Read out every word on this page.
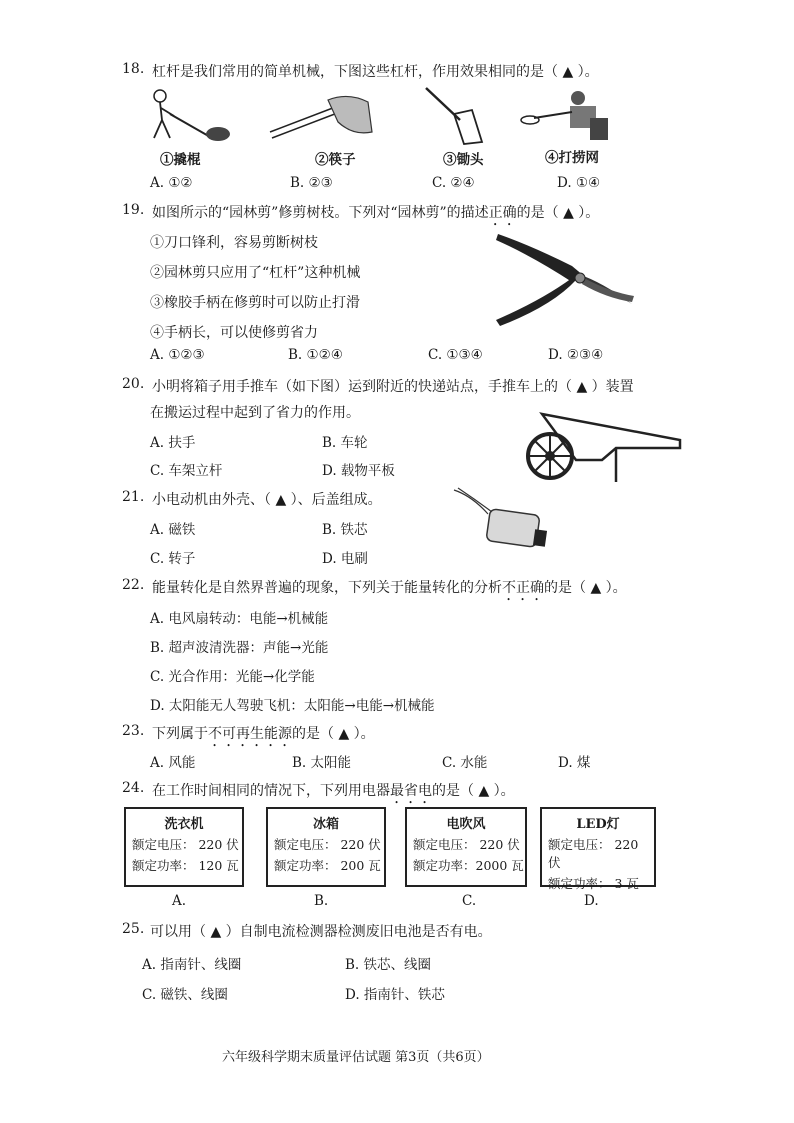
18. 杠杆是我们常用的简单机械，下图这些杠杆，作用效果相同的是（ ▲ ）。
①撬棍	②筷子	③锄头	④打捞网
A. ①②	B. ②③	C. ②④	D. ①④
19. 如图所示的“园林剪”修剪树枝。下列对“园林剪”的描述正确的是（ ▲ ）。
①刀口锋利，容易剪断树枝
②园林剪只应用了“杠杆”这种机械
③橡胶手柄在修剪时可以防止打滑
④手柄长，可以使修剪省力
A. ①②③	B. ①②④	C. ①③④	D. ②③④
20. 小明将箱子用手推车（如下图）运到附近的快递站点，手推车上的（ ▲ ）装置
在搬运过程中起到了省力的作用。
A. 扶手	B. 车轮
C. 车架立杆	D. 载物平板
21. 小电动机由外壳、（ ▲ ）、后盖组成。
A. 磁铁	B. 铁芯
C. 转子	D. 电刷
22. 能量转化是自然界普遍的现象，下列关于能量转化的分析不正确的是（ ▲ ）。
A. 电风扇转动：电能→机械能
B. 超声波清洗器：声能→光能
C. 光合作用：光能→化学能
D. 太阳能无人驾驶飞机：太阳能→电能→机械能
23. 下列属于不可再生能源的是（ ▲ ）。
A. 风能	B. 太阳能	C. 水能	D. 煤
24. 在工作时间相同的情况下，下列用电器最省电的是（ ▲ ）。
洗衣机
额定电压： 220 伏
额定功率： 120 瓦
冰箱
额定电压： 220 伏
额定功率： 200 瓦
电吹风
额定电压： 220 伏
额定功率：2000 瓦
LED灯
额定电压： 220 伏
额定功率： 3 瓦
A.	B.	C.	D.
25. 可以用（ ▲ ）自制电流检测器检测废旧电池是否有电。
A. 指南针、线圈	B. 铁芯、线圈
C. 磁铁、线圈	D. 指南针、铁芯
六年级科学期末质量评估试题 第3页（共6页）
